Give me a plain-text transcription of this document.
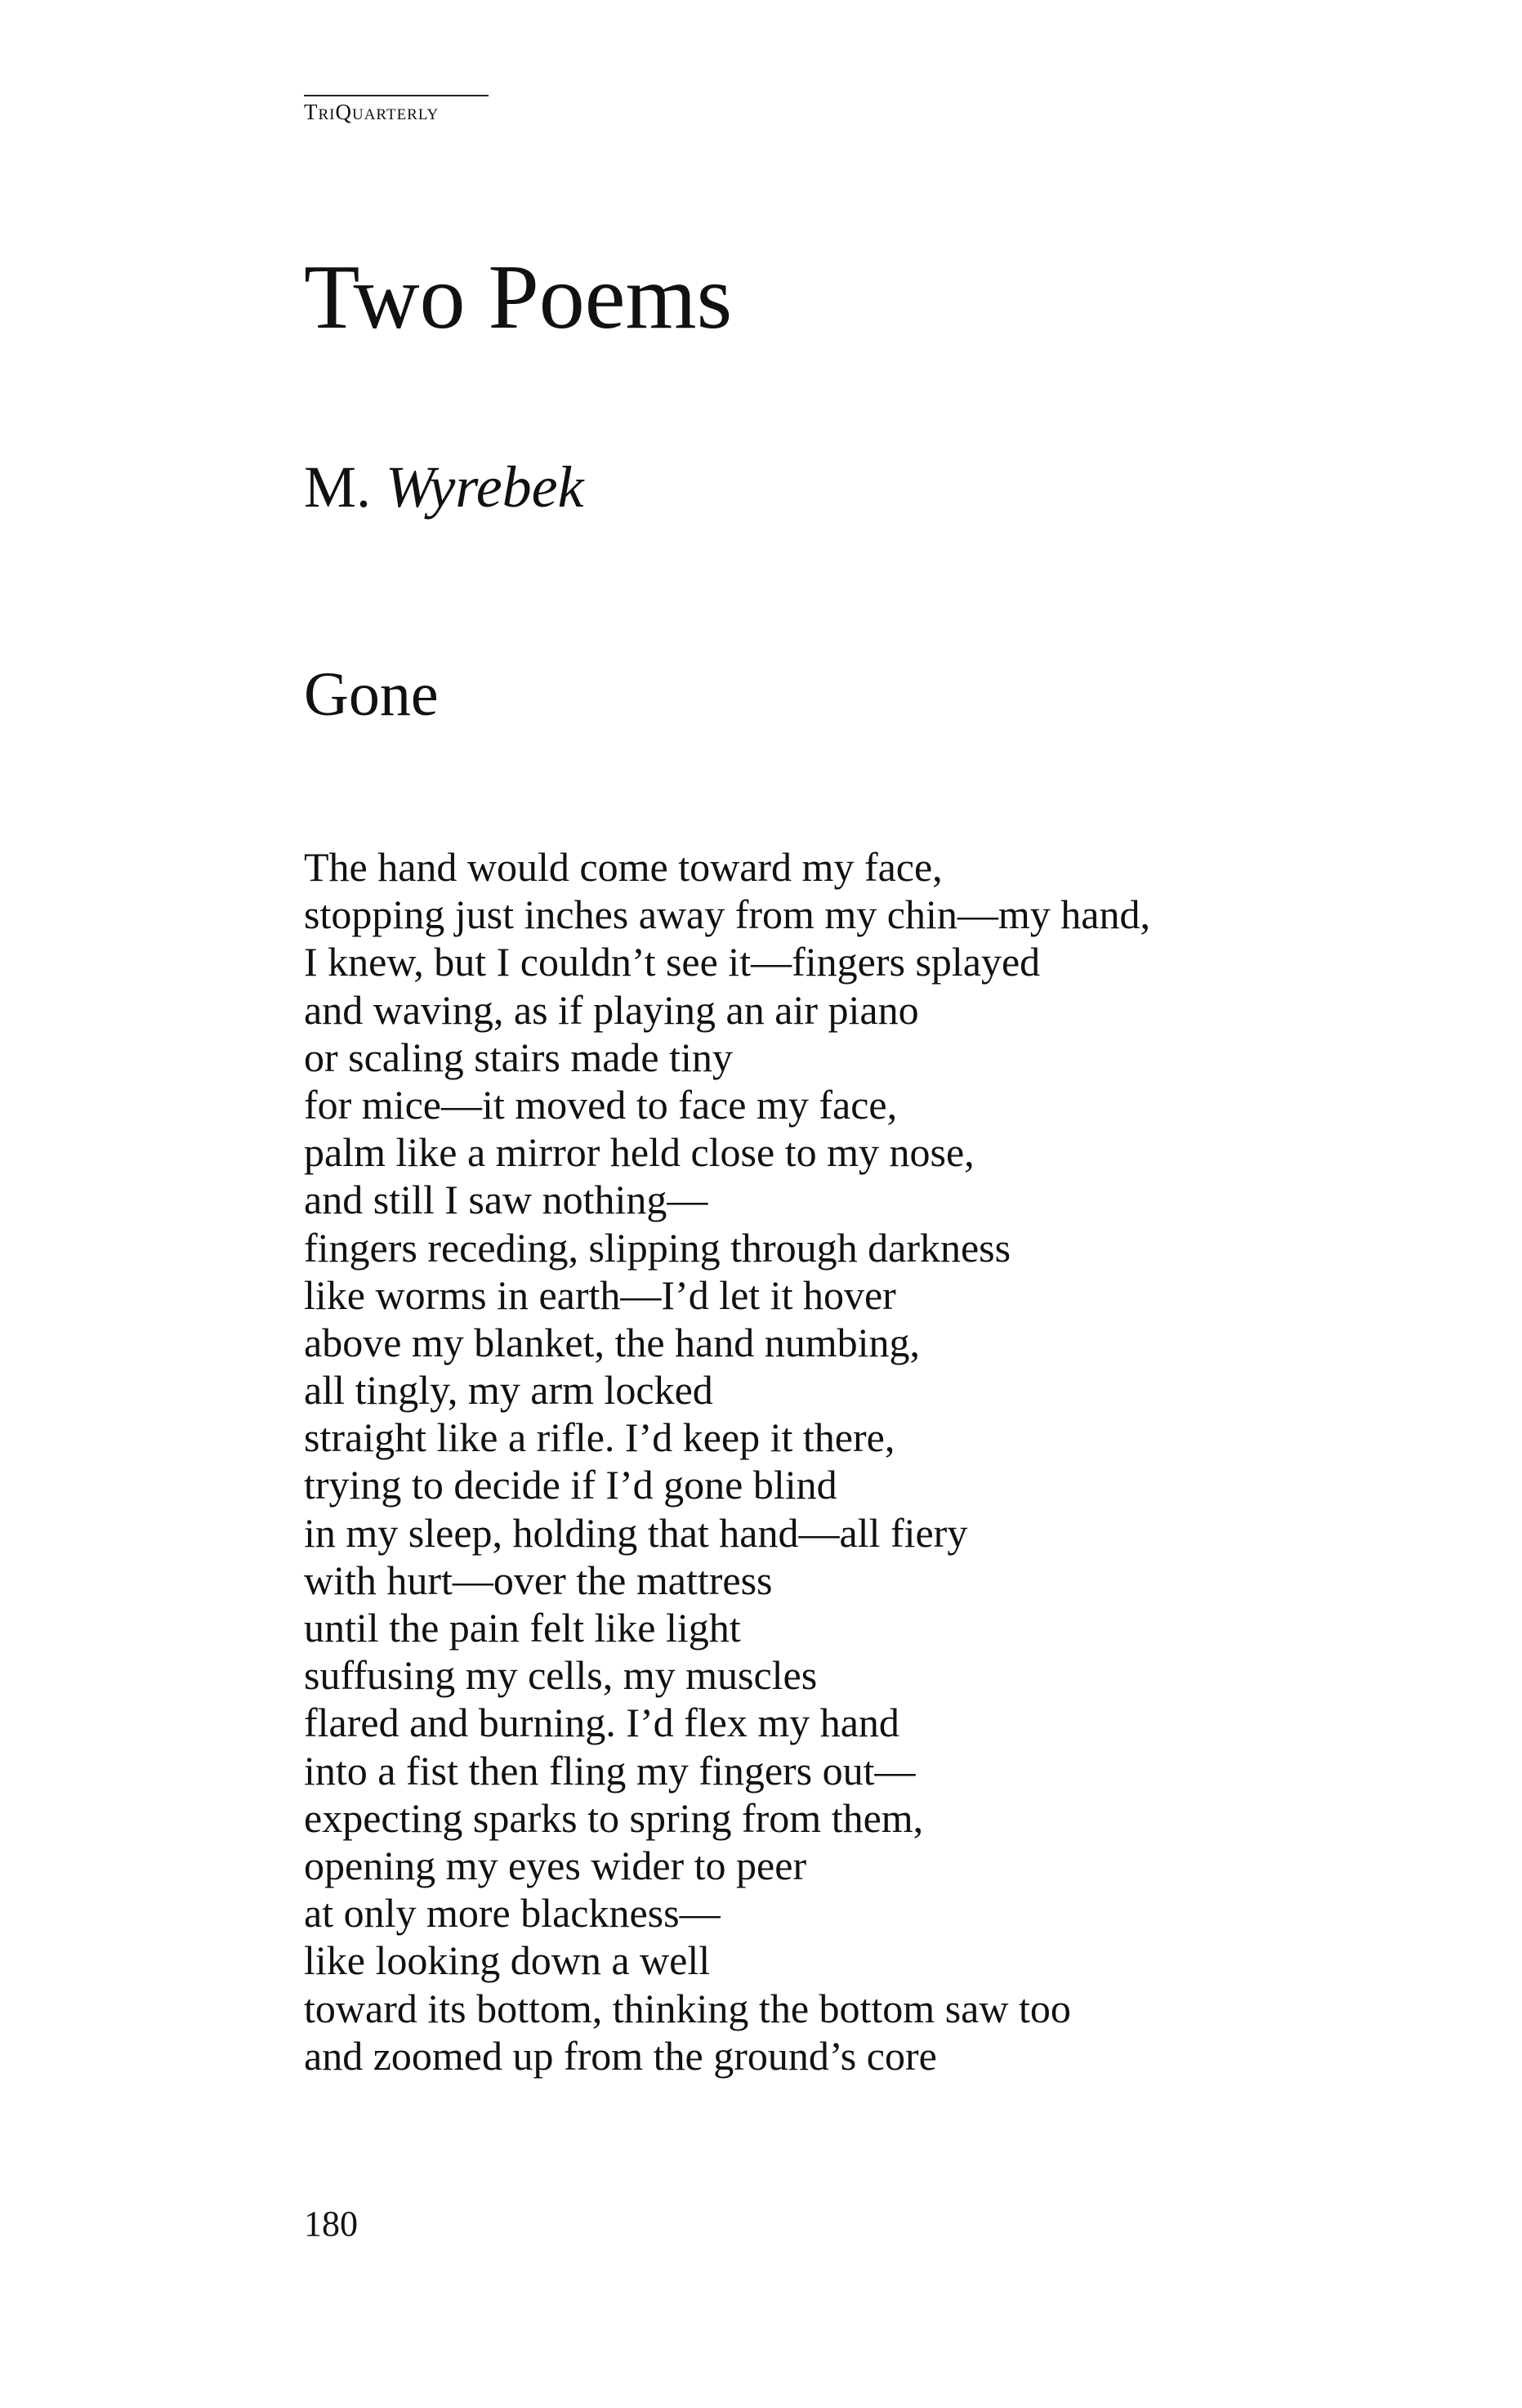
TriQuarterly
Two Poems
M. Wyrebek
Gone
The hand would come toward my face,
stopping just inches away from my chin—my hand,
I knew, but I couldn’t see it—fingers splayed
and waving, as if playing an air piano
or scaling stairs made tiny
for mice—it moved to face my face,
palm like a mirror held close to my nose,
and still I saw nothing—
fingers receding, slipping through darkness
like worms in earth—I’d let it hover
above my blanket, the hand numbing,
all tingly, my arm locked
straight like a rifle. I’d keep it there,
trying to decide if I’d gone blind
in my sleep, holding that hand—all fiery
with hurt—over the mattress
until the pain felt like light
suffusing my cells, my muscles
flared and burning. I’d flex my hand
into a fist then fling my fingers out—
expecting sparks to spring from them,
opening my eyes wider to peer
at only more blackness—
like looking down a well
toward its bottom, thinking the bottom saw too
and zoomed up from the ground’s core
180
